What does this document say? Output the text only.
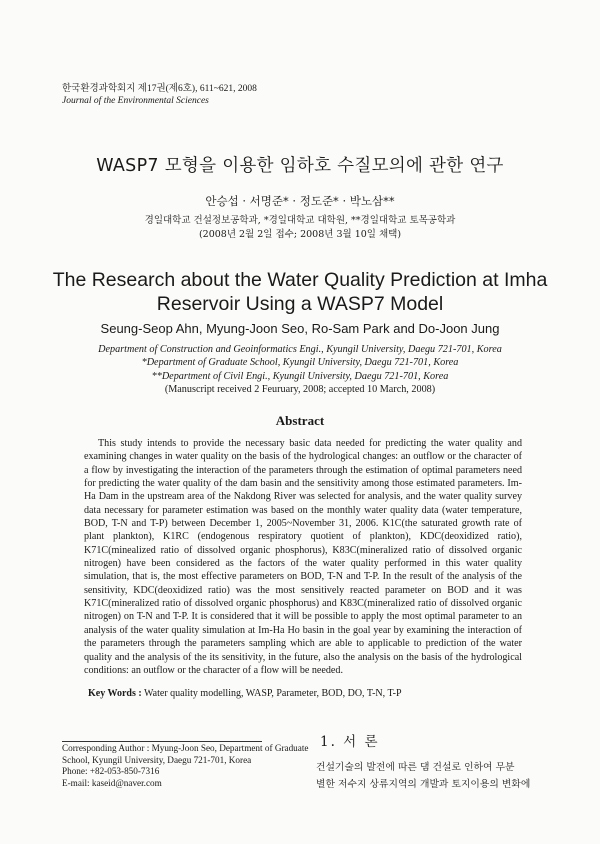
한국환경과학회지 제17권(제6호), 611~621, 2008
Journal of the Environmental Sciences
WASP7 모형을 이용한 임하호 수질모의에 관한 연구
안승섭 · 서명준* · 정도준* · 박노삼**
경일대학교 건설정보공학과, *경일대학교 대학원, **경일대학교 토목공학과
(2008년 2월 2일 접수; 2008년 3월 10일 채택)
The Research about the Water Quality Prediction at Imha
Reservoir Using a WASP7 Model
Seung-Seop Ahn, Myung-Joon Seo, Ro-Sam Park and Do-Joon Jung
Department of Construction and Geoinformatics Engi., Kyungil University, Daegu 721-701, Korea
*Department of Graduate School, Kyungil University, Daegu 721-701, Korea
**Department of Civil Engi., Kyungil University, Daegu 721-701, Korea
(Manuscript received 2 Feuruary, 2008; accepted 10 March, 2008)
Abstract
This study intends to provide the necessary basic data needed for predicting the water quality and examining changes in water quality on the basis of the hydrological changes: an outflow or the character of a flow by investigating the interaction of the parameters through the estimation of optimal parameters need for predicting the water quality of the dam basin and the sensitivity among those estimated parameters. Im-Ha Dam in the upstream area of the Nakdong River was selected for analysis, and the water quality survey data necessary for parameter estimation was based on the monthly water quality data (water temperature, BOD, T-N and T-P) between December 1, 2005~November 31, 2006. K1C(the saturated growth rate of plant plankton), K1RC (endogenous respiratory quotient of plankton), KDC(deoxidized ratio), K71C(minealized ratio of dissolved organic phosphorus), K83C(mineralized ratio of dissolved organic nitrogen) have been considered as the factors of the water quality performed in this water quality simulation, that is, the most effective parameters on BOD, T-N and T-P. In the result of the analysis of the sensitivity, KDC(deoxidized ratio) was the most sensitively reacted parameter on BOD and it was K71C(mineralized ratio of dissolved organic phosphorus) and K83C(mineralized ratio of dissolved organic nitrogen) on T-N and T-P. It is considered that it will be possible to apply the most optimal parameter to an analysis of the water quality simulation at Im-Ha Ho basin in the goal year by examining the interaction of the parameters through the parameters sampling which are able to applicable to prediction of the water quality and the analysis of the its sensitivity, in the future, also the analysis on the basis of the hydrological conditions: an outflow or the character of a flow will be needed.
Key Words : Water quality modelling, WASP, Parameter, BOD, DO, T-N, T-P
Corresponding Author : Myung-Joon Seo, Department of Graduate
School, Kyungil University, Daegu 721-701, Korea
Phone: +82-053-850-7316
E-mail: kaseid@naver.com
1. 서 론
건설기술의 발전에 따른 댐 건설로 인하여 무분
별한 저수지 상류지역의 개발과 토지이용의 변화에
